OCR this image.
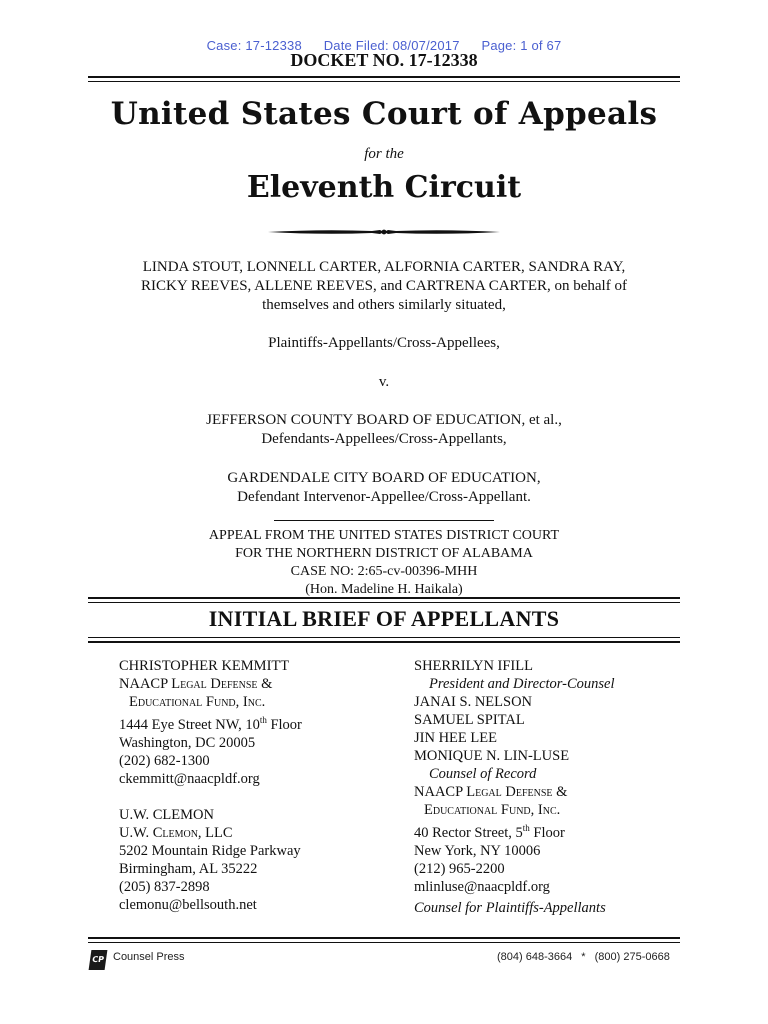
Case: 17-12338 Date Filed: 08/07/2017 Page: 1 of 67
DOCKET NO. 17-12338
United States Court of Appeals
for the
Eleventh Circuit
LINDA STOUT, LONNELL CARTER, ALFORNIA CARTER, SANDRA RAY,
RICKY REEVES, ALLENE REEVES, and CARTRENA CARTER, on behalf of
themselves and others similarly situated,
Plaintiffs-Appellants/Cross-Appellees,
v.
JEFFERSON COUNTY BOARD OF EDUCATION, et al.,
Defendants-Appellees/Cross-Appellants,
GARDENDALE CITY BOARD OF EDUCATION,
Defendant Intervenor-Appellee/Cross-Appellant.
APPEAL FROM THE UNITED STATES DISTRICT COURT
FOR THE NORTHERN DISTRICT OF ALABAMA
CASE NO: 2:65-cv-00396-MHH
(Hon. Madeline H. Haikala)
INITIAL BRIEF OF APPELLANTS
CHRISTOPHER KEMMITT
NAACP Legal Defense &
Educational Fund, Inc.
1444 Eye Street NW, 10th Floor
Washington, DC 20005
(202) 682-1300
ckemmitt@naacpldf.org
U.W. CLEMON
U.W. Clemon, LLC
5202 Mountain Ridge Parkway
Birmingham, AL 35222
(205) 837-2898
clemonu@bellsouth.net
SHERRILYN IFILL
President and Director-Counsel
JANAI S. NELSON
SAMUEL SPITAL
JIN HEE LEE
MONIQUE N. LIN-LUSE
Counsel of Record
NAACP Legal Defense &
Educational Fund, Inc.
40 Rector Street, 5th Floor
New York, NY 10006
(212) 965-2200
mlinluse@naacpldf.org
Counsel for Plaintiffs-Appellants
CP Counsel Press	(804) 648-3664 * (800) 275-0668
